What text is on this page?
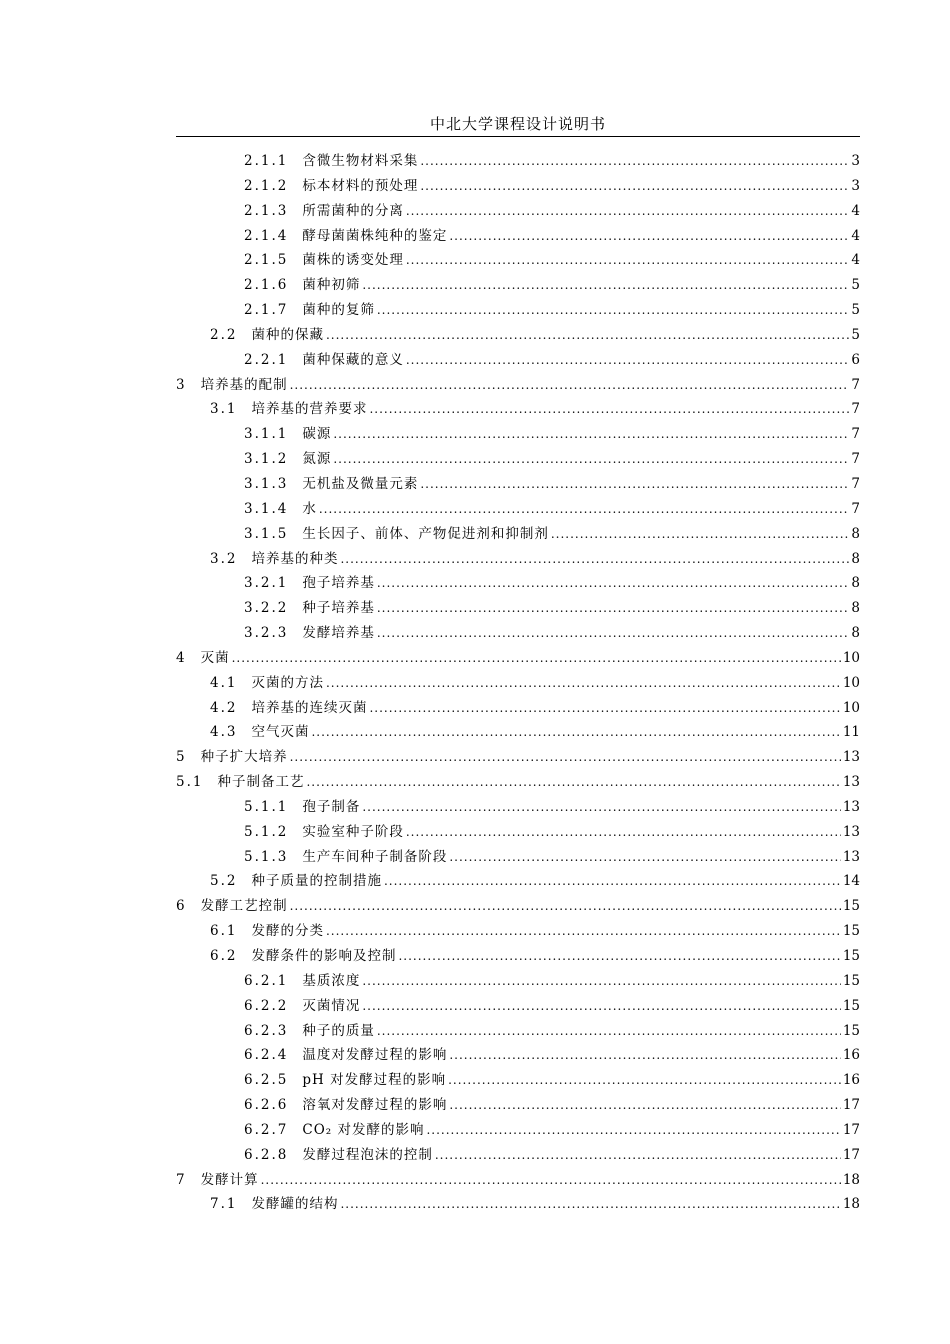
中北大学课程设计说明书
2.1.1 含微生物材料采集 .....	3
2.1.2 标本材料的预处理 .....	3
2.1.3 所需菌种的分离 .....	4
2.1.4 酵母菌菌株纯种的鉴定 .....	4
2.1.5 菌株的诱变处理 .....	4
2.1.6 菌种初筛 .....	5
2.1.7 菌种的复筛 .....	5
2.2 菌种的保藏 .....	5
2.2.1 菌种保藏的意义 .....	6
3 培养基的配制 .....	7
3.1 培养基的营养要求 .....	7
3.1.1 碳源 .....	7
3.1.2 氮源 .....	7
3.1.3 无机盐及微量元素 .....	7
3.1.4 水 .....	7
3.1.5 生长因子、前体、产物促进剂和抑制剂 .....	8
3.2 培养基的种类 .....	8
3.2.1 孢子培养基 .....	8
3.2.2 种子培养基 .....	8
3.2.3 发酵培养基 .....	8
4 灭菌 .....	10
4.1 灭菌的方法 .....	10
4.2 培养基的连续灭菌 .....	10
4.3 空气灭菌 .....	11
5 种子扩大培养 .....	13
5.1 种子制备工艺 .....	13
5.1.1 孢子制备 .....	13
5.1.2 实验室种子阶段 .....	13
5.1.3 生产车间种子制备阶段 .....	13
5.2 种子质量的控制措施 .....	14
6 发酵工艺控制 .....	15
6.1 发酵的分类 .....	15
6.2 发酵条件的影响及控制 .....	15
6.2.1 基质浓度 .....	15
6.2.2 灭菌情况 .....	15
6.2.3 种子的质量 .....	15
6.2.4 温度对发酵过程的影响 .....	16
6.2.5 pH 对发酵过程的影响 .....	16
6.2.6 溶氧对发酵过程的影响 .....	17
6.2.7 CO₂ 对发酵的影响 .....	17
6.2.8 发酵过程泡沫的控制 .....	17
7 发酵计算 .....	18
7.1 发酵罐的结构 .....	18
